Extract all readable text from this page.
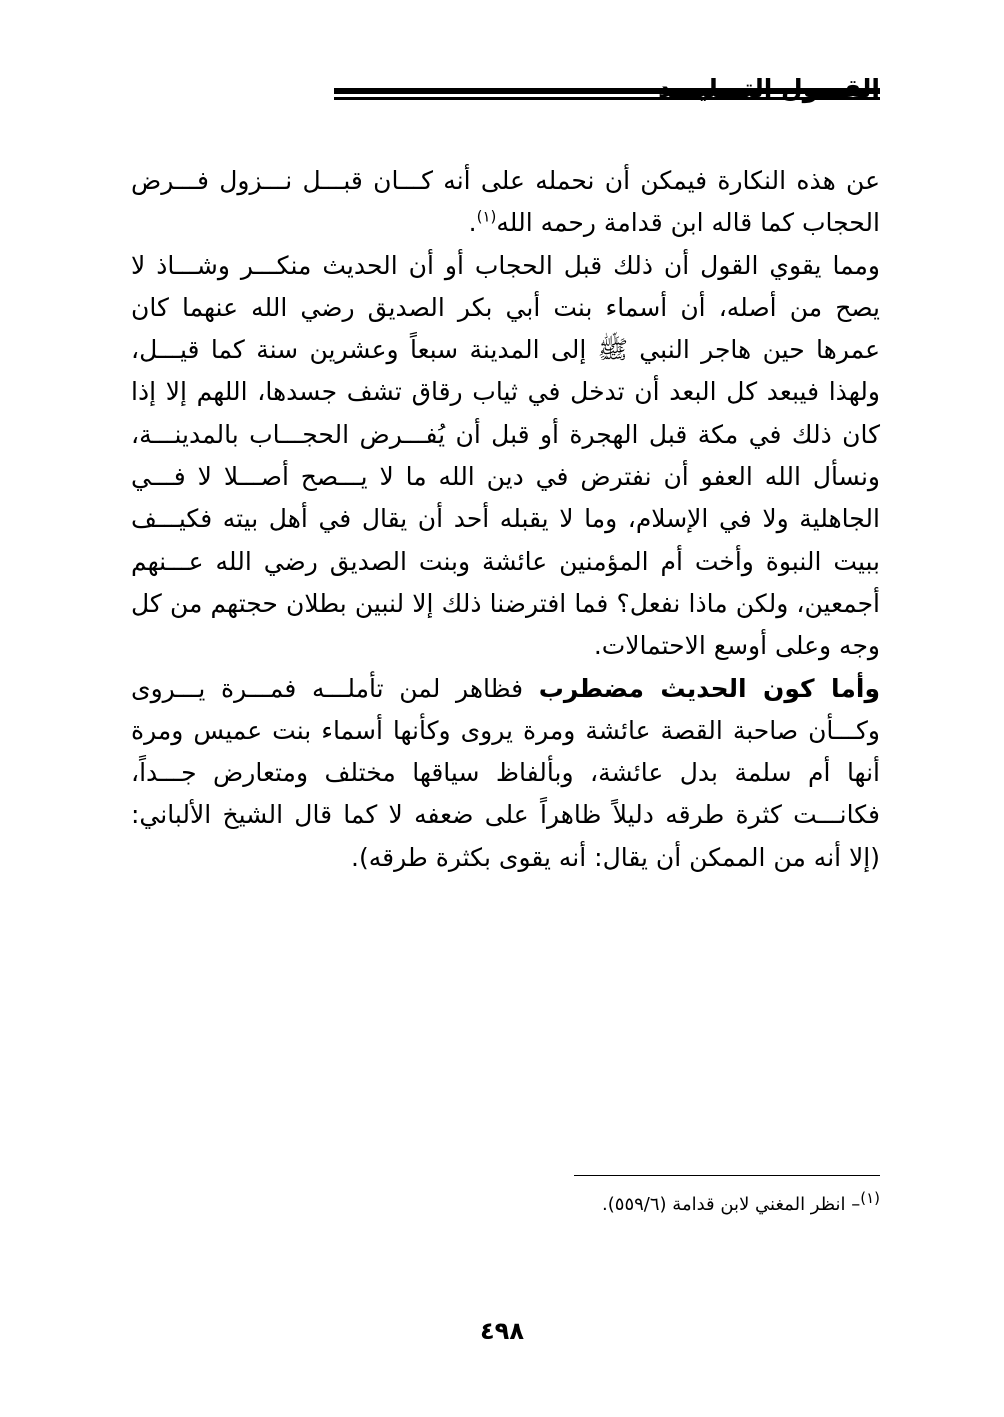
القـــول التـــليـــد

عن هذه النكارة فيمكن أن نحمله على أنه كـــان قبـــل نـــزول فـــرض الحجاب كما قاله ابن قدامة رحمه الله$^{(١)}$.

ومما يقوي القول أن ذلك قبل الحجاب أو أن الحديث منكـــر وشـــاذ لا يصح من أصله، أن أسماء بنت أبي بكر الصديق رضي الله عنهما كان عمرها حين هاجر النبي ﷺ إلى المدينة سبعاً وعشرين سنة كما قيـــل، ولهذا فيبعد كل البعد أن تدخل في ثياب رقاق تشف جسدها، اللهم إلا إذا كان ذلك في مكة قبل الهجرة أو قبل أن يُفـــرض الحجـــاب بالمدينـــة، ونسأل الله العفو أن نفترض في دين الله ما لا يـــصح أصـــلا لا فـــي الجاهلية ولا في الإسلام، وما لا يقبله أحد أن يقال في أهل بيته فكيـــف ببيت النبوة وأخت أم المؤمنين عائشة وبنت الصديق رضي الله عـــنهم أجمعين، ولكن ماذا نفعل؟ فما افترضنا ذلك إلا لنبين بطلان حجتهم من كل وجه وعلى أوسع الاحتمالات.

وأما كون الحديث مضطرب فظاهر لمن تأملـــه فمـــرة يـــروى وكـــأن صاحبة القصة عائشة ومرة يروى وكأنها أسماء بنت عميس ومرة أنها أم سلمة بدل عائشة، وبألفاظ سياقها مختلف ومتعارض جـــداً، فكانـــت كثرة طرقه دليلاً ظاهراً على ضعفه لا كما قال الشيخ الألباني: (إلا أنه من الممكن أن يقال: أنه يقوى بكثرة طرقه).

$^{(١)}$– انظر المغني لابن قدامة (٥٥٩/٦).
٤٩٨
